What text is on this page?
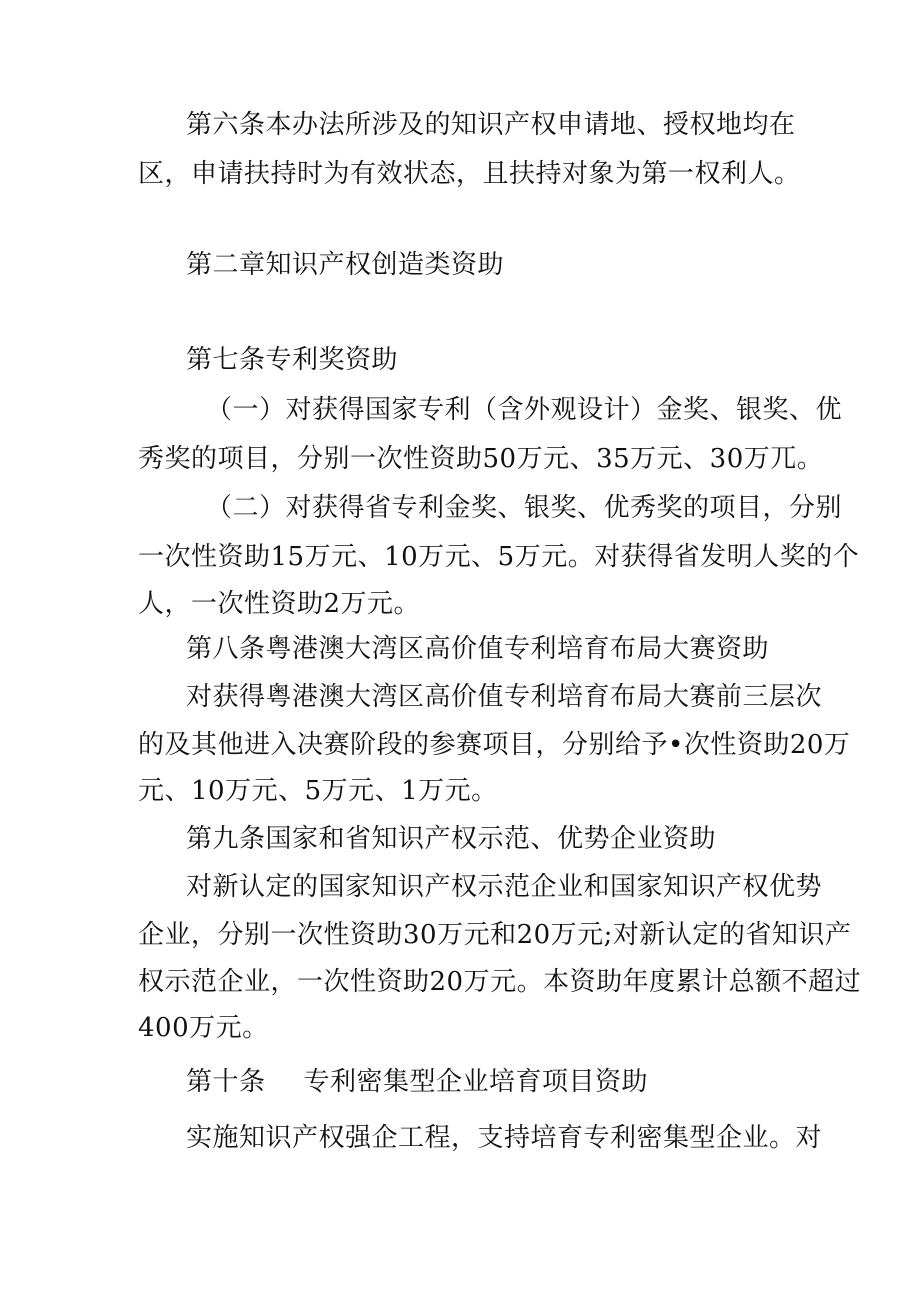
第六条本办法所涉及的知识产权申请地、授权地均在
区，申请扶持时为有效状态，且扶持对象为第一权利人。
第二章知识产权创造类资助
第七条专利奖资助
（一）对获得国家专利（含外观设计）金奖、银奖、优
秀奖的项目，分别一次性资助50万元、35万元、30万兀。
（二）对获得省专利金奖、银奖、优秀奖的项目，分别
一次性资助15万元、10万元、5万元。对获得省发明人奖的个
人，一次性资助2万元。
第八条粤港澳大湾区高价值专利培育布局大赛资助
对获得粤港澳大湾区高价值专利培育布局大赛前三层次
的及其他进入决赛阶段的参赛项目，分别给予•次性资助20万
元、10万元、5万元、1万元。
第九条国家和省知识产权示范、优势企业资助
对新认定的国家知识产权示范企业和国家知识产权优势
企业，分别一次性资助30万元和20万元;对新认定的省知识产
权示范企业，一次性资助20万元。本资助年度累计总额不超过
400万元。
第十条 专利密集型企业培育项目资助
实施知识产权强企工程，支持培育专利密集型企业。对
